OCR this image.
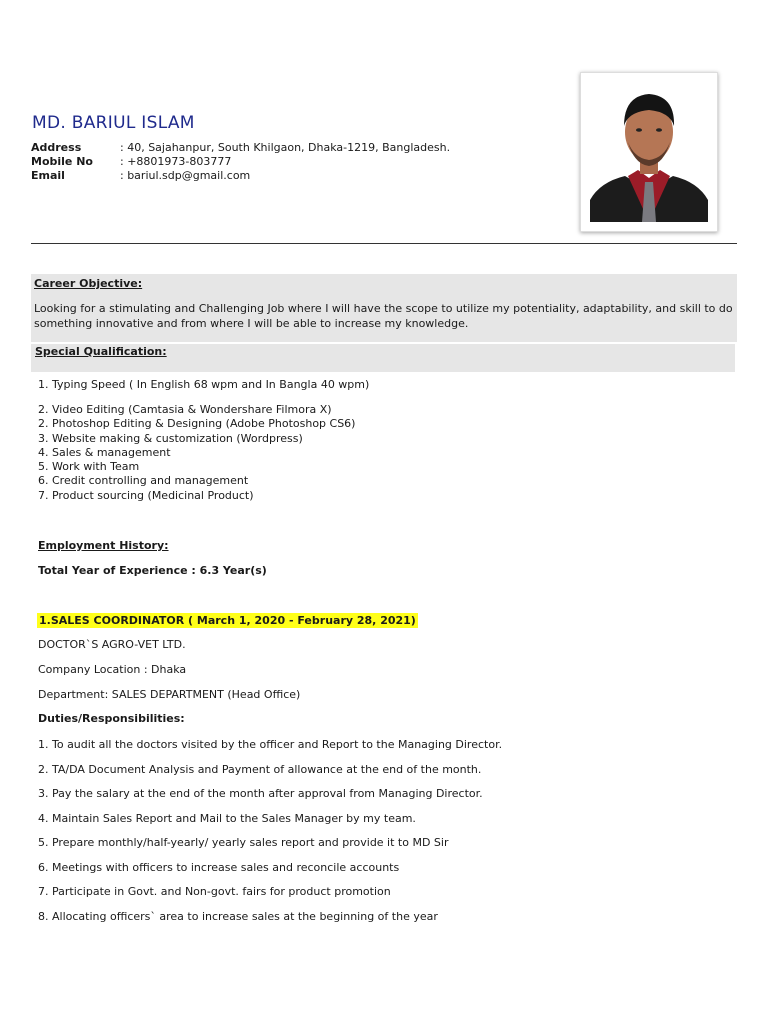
MD. BARIUL ISLAM
Address	: 40, Sajahanpur, South Khilgaon, Dhaka-1219, Bangladesh.
Mobile No	: +8801973-803777
Email	: bariul.sdp@gmail.com
Career Objective:
Looking for a stimulating and Challenging Job where I will have the scope to utilize my potentiality, adaptability, and skill to do something innovative and from where I will be able to increase my knowledge.
Special Qualification:
1. Typing Speed ( In English 68 wpm and In Bangla 40 wpm)
2. Video Editing (Camtasia & Wondershare Filmora X)
2. Photoshop Editing & Designing (Adobe Photoshop CS6)
3. Website making & customization (Wordpress)
4. Sales & management
5. Work with Team
6. Credit controlling and management
7. Product sourcing (Medicinal Product)
Employment History:
Total Year of Experience : 6.3 Year(s)
1.SALES COORDINATOR ( March 1, 2020 - February 28, 2021)
DOCTOR`S AGRO-VET LTD.
Company Location : Dhaka
Department: SALES DEPARTMENT (Head Office)
Duties/Responsibilities:
1. To audit all the doctors visited by the officer and Report to the Managing Director.
2. TA/DA Document Analysis and Payment of allowance at the end of the month.
3. Pay the salary at the end of the month after approval from Managing Director.
4. Maintain Sales Report and Mail to the Sales Manager by my team.
5. Prepare monthly/half-yearly/ yearly sales report and provide it to MD Sir
6. Meetings with officers to increase sales and reconcile accounts
7. Participate in Govt. and Non-govt. fairs for product promotion
8. Allocating officers` area to increase sales at the beginning of the year
